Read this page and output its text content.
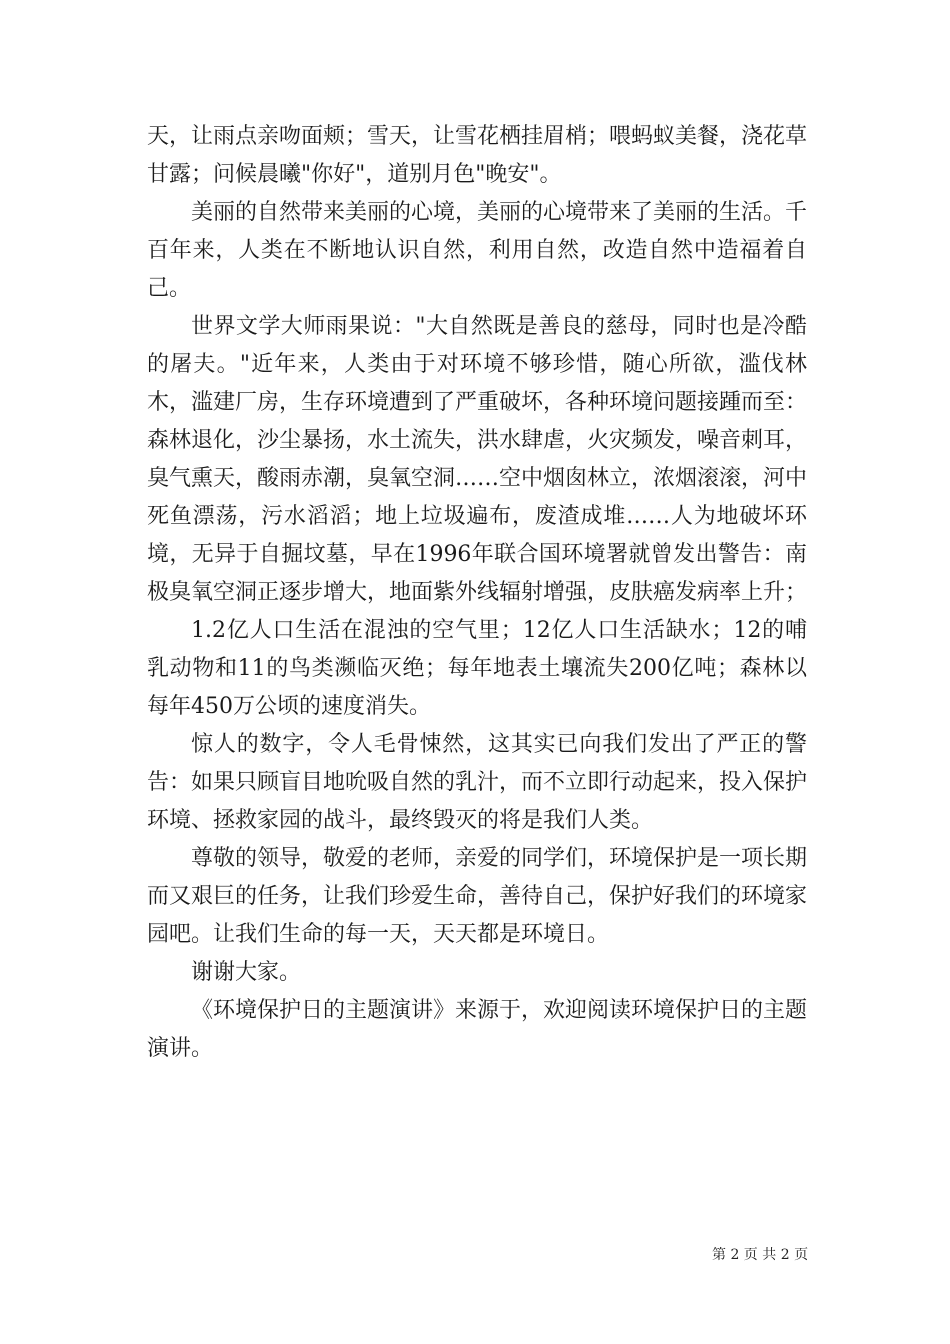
天，让雨点亲吻面颊；雪天，让雪花栖挂眉梢；喂蚂蚁美餐，浇花草甘露；问候晨曦"你好"，道别月色"晚安"。

美丽的自然带来美丽的心境，美丽的心境带来了美丽的生活。千百年来，人类在不断地认识自然，利用自然，改造自然中造福着自己。

世界文学大师雨果说："大自然既是善良的慈母，同时也是冷酷的屠夫。"近年来，人类由于对环境不够珍惜，随心所欲，滥伐林木，滥建厂房，生存环境遭到了严重破坏，各种环境问题接踵而至：森林退化，沙尘暴扬，水土流失，洪水肆虐，火灾频发，噪音刺耳，臭气熏天，酸雨赤潮，臭氧空洞……空中烟囱林立，浓烟滚滚，河中死鱼漂荡，污水滔滔；地上垃圾遍布，废渣成堆……人为地破坏环境，无异于自掘坟墓，早在1996年联合国环境署就曾发出警告：南极臭氧空洞正逐步增大，地面紫外线辐射增强，皮肤癌发病率上升；

1.2亿人口生活在混浊的空气里；12亿人口生活缺水；12的哺乳动物和11的鸟类濒临灭绝；每年地表土壤流失200亿吨；森林以每年450万公顷的速度消失。

惊人的数字，令人毛骨悚然，这其实已向我们发出了严正的警告：如果只顾盲目地吮吸自然的乳汁，而不立即行动起来，投入保护环境、拯救家园的战斗，最终毁灭的将是我们人类。

尊敬的领导，敬爱的老师，亲爱的同学们，环境保护是一项长期而又艰巨的任务，让我们珍爱生命，善待自己，保护好我们的环境家园吧。让我们生命的每一天，天天都是环境日。

谢谢大家。

《环境保护日的主题演讲》来源于，欢迎阅读环境保护日的主题演讲。

第 2 页 共 2 页
